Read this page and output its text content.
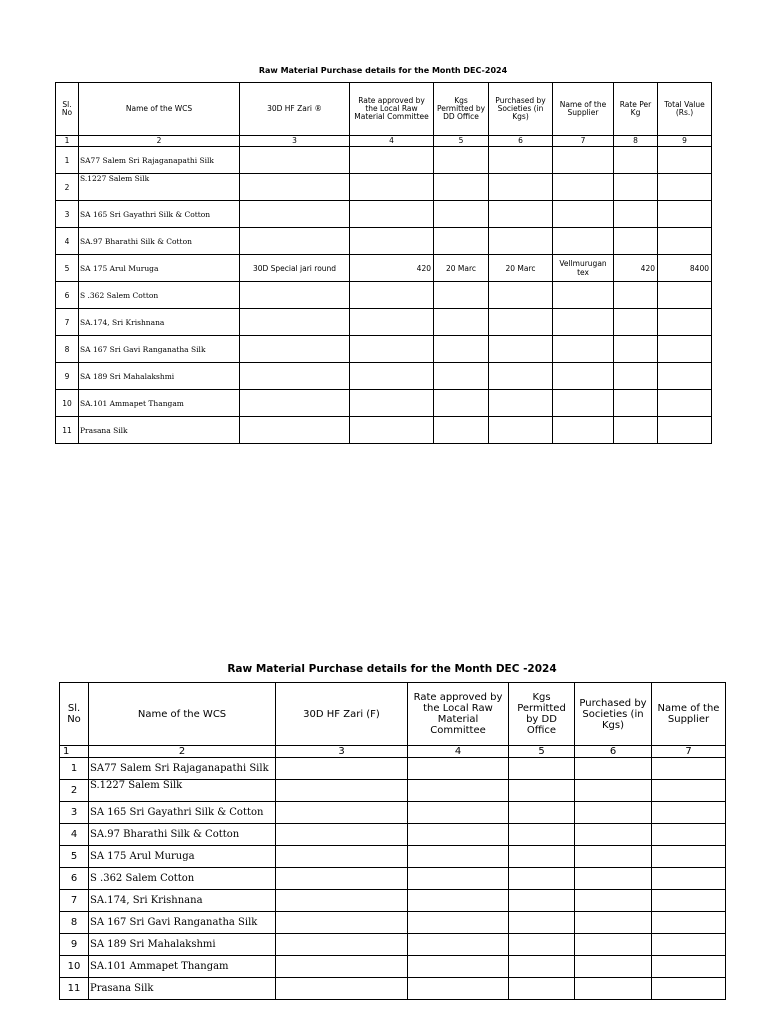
Raw Material Purchase details for the Month DEC-2024
Sl. No	Name of the WCS	30D HF Zari ®	Rate approved by the Local Raw Material Committee	Kgs Permitted by DD Office	Purchased by Societies (in Kgs)	Name of the Supplier	Rate Per Kg	Total Value (Rs.)
1	2	3	4	5	6	7	8	9
1	SA77 Salem Sri Rajaganapathi Silk							
2	S.1227 Salem Silk							
3	SA 165 Sri Gayathri Silk & Cotton							
4	SA.97 Bharathi Silk & Cotton							
5	SA 175 Arul Muruga	30D Special jari round	420	20 Marc	20 Marc	Vellmurugan tex	420	8400
6	S .362 Salem Cotton							
7	SA.174, Sri Krishnana							
8	SA 167 Sri Gavi Ranganatha Silk							
9	SA 189 Sri Mahalakshmi							
10	SA.101 Ammapet Thangam							
11	Prasana Silk							
Raw Material Purchase details for the Month DEC -2024
Sl. No	Name of the WCS	30D HF Zari (F)	Rate approved by the Local Raw Material Committee	Kgs Permitted by DD Office	Purchased by Societies (in Kgs)	Name of the Supplier
1	2	3	4	5	6	7
1	SA77 Salem Sri Rajaganapathi Silk					
2	S.1227 Salem Silk					
3	SA 165 Sri Gayathri Silk & Cotton					
4	SA.97 Bharathi Silk & Cotton					
5	SA 175 Arul Muruga					
6	S .362 Salem Cotton					
7	SA.174, Sri Krishnana					
8	SA 167 Sri Gavi Ranganatha Silk					
9	SA 189 Sri Mahalakshmi					
10	SA.101 Ammapet Thangam					
11	Prasana Silk					
